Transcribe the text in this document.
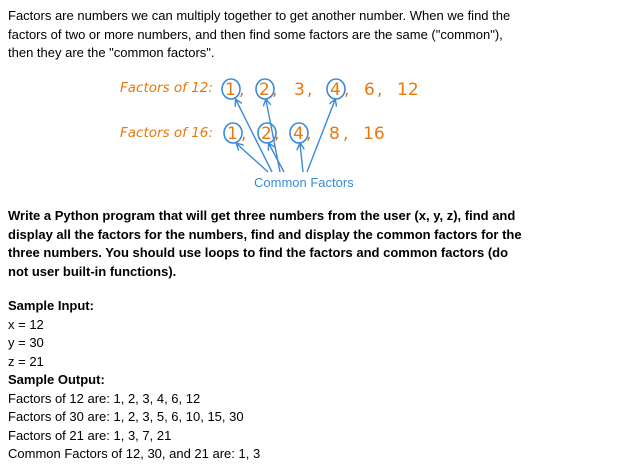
Factors are numbers we can multiply together to get another number. When we find the

factors of two or more numbers, and then find some factors are the same ("common"),

then they are the "common factors".

Factors of 12:
Factors of 16:
1 2 3 4 6 12
, , , , ,
1 2 4 8 16
, , , ,
Common Factors
Write a Python program that will get three numbers from the user (x, y, z), find and
display all the factors for the numbers, find and display the common factors for the
three numbers. You should use loops to find the factors and common factors (do
not user built-in functions).
Sample Input:
x = 12
y = 30
z = 21
Sample Output:
Factors of 12 are: 1, 2, 3, 4, 6, 12
Factors of 30 are: 1, 2, 3, 5, 6, 10, 15, 30
Factors of 21 are: 1, 3, 7, 21
Common Factors of 12, 30, and 21 are: 1, 3
